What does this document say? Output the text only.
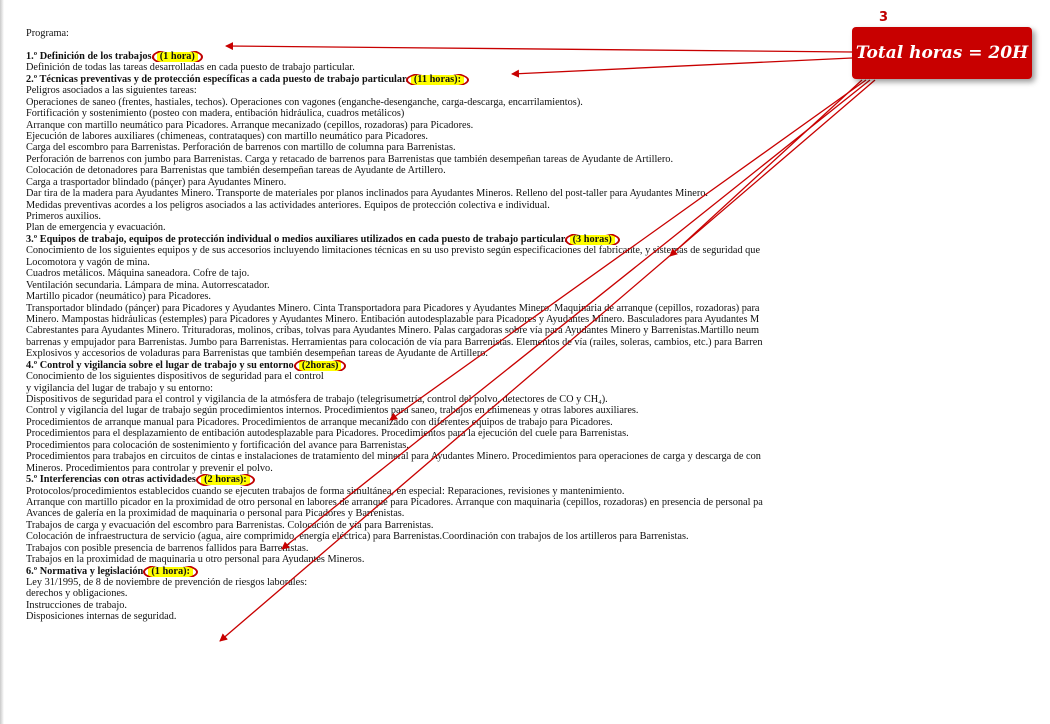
Programa:
1.º Definición de los trabajos. (1 hora)
Definición de todas las tareas desarrolladas en cada puesto de trabajo particular.
2.º Técnicas preventivas y de protección específicas a cada puesto de trabajo particular. (11 horas):
Peligros asociados a las siguientes tareas:
Operaciones de saneo (frentes, hastiales, techos). Operaciones con vagones (enganche-desenganche, carga-descarga, encarrilamientos).
Fortificación y sostenimiento (posteo con madera, entibación hidráulica, cuadros metálicos)
Arranque con martillo neumático para Picadores. Arranque mecanizado (cepillos, rozadoras) para Picadores.
Ejecución de labores auxiliares (chimeneas, contrataques) con martillo neumático para Picadores.
Carga del escombro para Barrenistas. Perforación de barrenos con martillo de columna para Barrenistas.
Perforación de barrenos con jumbo para Barrenistas. Carga y retacado de barrenos para Barrenistas que también desempeñan tareas de Ayudante de Artillero.
Colocación de detonadores para Barrenistas que también desempeñan tareas de Ayudante de Artillero.
Carga a trasportador blindado (pánçer) para Ayudantes Minero.
Dar tira de la madera para Ayudantes Minero. Transporte de materiales por planos inclinados para Ayudantes Mineros. Relleno del post-taller para Ayudantes Minero.
Medidas preventivas acordes a los peligros asociados a las actividades anteriores. Equipos de protección colectiva e individual.
Primeros auxilios.
Plan de emergencia y evacuación.
3.º Equipos de trabajo, equipos de protección individual o medios auxiliares utilizados en cada puesto de trabajo particular. (3 horas)
Conocimiento de los siguientes equipos y de sus accesorios incluyendo limitaciones técnicas en su uso previsto según especificaciones del fabricante, y sistemas de seguridad que
Locomotora y vagón de mina.
Cuadros metálicos. Máquina saneadora. Cofre de tajo.
Ventilación secundaria. Lámpara de mina. Autorrescatador.
Martillo picador (neumático) para Picadores.
Transportador blindado (pánçer) para Picadores y Ayudantes Minero. Cinta Transportadora para Picadores y Ayudantes Minero. Maquinaria de arranque (cepillos, rozadoras) para
Minero. Mampostas hidráulicas (estemples) para Picadores y Ayudantes Minero. Entibación autodesplazable para Picadores y Ayudantes Minero. Basculadores para Ayudantes M
Cabrestantes para Ayudantes Minero. Trituradoras, molinos, cribas, tolvas para Ayudantes Minero. Palas cargadoras sobre vía para Ayudantes Minero y Barrenistas.Martillo neum
barrenas y empujador para Barrenistas. Jumbo para Barrenistas. Herramientas para colocación de vía para Barrenistas. Elementos de vía (railes, soleras, cambios, etc.) para Barren
Explosivos y accesorios de voladuras para Barrenistas que también desempeñan tareas de Ayudante de Artillero.
4.º Control y vigilancia sobre el lugar de trabajo y su entorno. (2horas)
Conocimiento de los siguientes dispositivos de seguridad para el control
y vigilancia del lugar de trabajo y su entorno:
Dispositivos de seguridad para el control y vigilancia de la atmósfera de trabajo (telegrisumetría, control del polvo, detectores de CO y CH₄).
Control y vigilancia del lugar de trabajo según procedimientos internos. Procedimientos para saneo, trabajos en chimeneas y otras labores auxiliares.
Procedimientos de arranque manual para Picadores. Procedimientos de arranque mecanizado con diferentes equipos de trabajo para Picadores.
Procedimientos para el desplazamiento de entibación autodesplazable para Picadores. Procedimientos para la ejecución del cuele para Barrenistas.
Procedimientos para colocación de sostenimiento y fortificación del avance para Barrenistas.
Procedimientos para trabajos en circuitos de cintas e instalaciones de tratamiento del mineral para Ayudantes Minero. Procedimientos para operaciones de carga y descarga de con
Mineros. Procedimientos para controlar y prevenir el polvo.
5.º Interferencias con otras actividades. (2 horas):
Protocolos/procedimientos establecidos cuando se ejecuten trabajos de forma simultánea, en especial: Reparaciones, revisiones y mantenimiento.
Arranque con martillo picador en la proximidad de otro personal en labores de arranque para Picadores. Arranque con maquinaria (cepillos, rozadoras) en presencia de personal pa
Avances de galería en la proximidad de maquinaria o personal para Picadores y Barrenistas.
Trabajos de carga y evacuación del escombro para Barrenistas. Colocación de vía para Barrenistas.
Colocación de infraestructura de servicio (agua, aire comprimido, energía eléctrica) para Barrenistas.Coordinación con trabajos de los artilleros para Barrenistas.
Trabajos con posible presencia de barrenos fallidos para Barrenistas.
Trabajos en la proximidad de maquinaria u otro personal para Ayudantes Mineros.
6.º Normativa y legislación. (1 hora):
Ley 31/1995, de 8 de noviembre de prevención de riesgos laborales:
derechos y obligaciones.
Instrucciones de trabajo.
Disposiciones internas de seguridad.
3
Total horas = 20H
